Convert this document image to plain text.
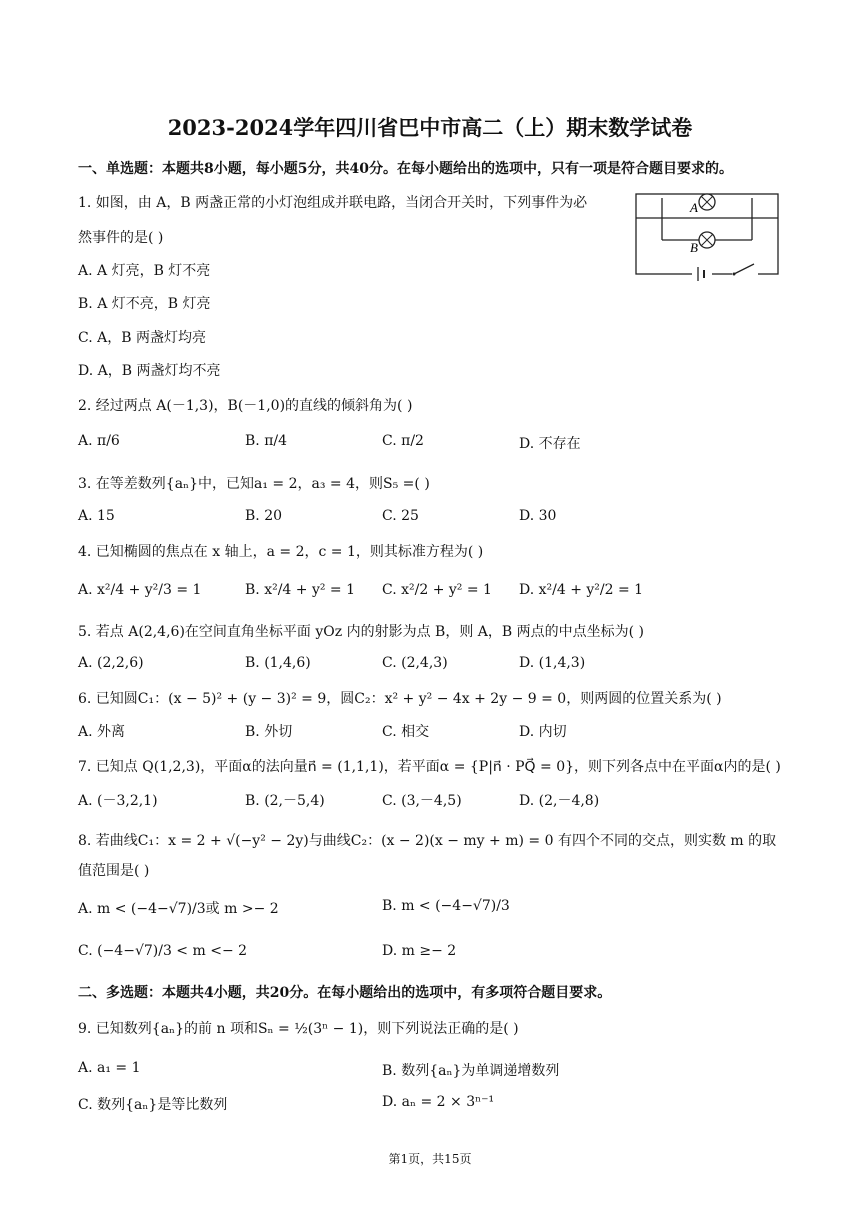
2023-2024学年四川省巴中市高二（上）期末数学试卷
一、单选题：本题共8小题，每小题5分，共40分。在每小题给出的选项中，只有一项是符合题目要求的。
1. 如图，由 A，B 两盏正常的小灯泡组成并联电路，当闭合开关时，下列事件为必
然事件的是( )
A. A 灯亮，B 灯不亮
B. A 灯不亮，B 灯亮
C. A，B 两盏灯均亮
D. A，B 两盏灯均不亮
A
B
2. 经过两点 A(－1,3)，B(－1,0)的直线的倾斜角为( )
A. π/6	B. π/4	C. π/2	D. 不存在
3. 在等差数列{aₙ}中，已知a₁ = 2，a₃ = 4，则S₅ =( )
A. 15	B. 20	C. 25	D. 30
4. 已知椭圆的焦点在 x 轴上，a = 2，c = 1，则其标准方程为( )
A. x²/4 + y²/3 = 1	B. x²/4 + y² = 1 C. x²/2 + y² = 1 D. x²/4 + y²/2 = 1
5. 若点 A(2,4,6)在空间直角坐标平面 yOz 内的射影为点 B，则 A，B 两点的中点坐标为( )
A. (2,2,6)	B. (1,4,6)	C. (2,4,3)	D. (1,4,3)
6. 已知圆C₁：(x − 5)² + (y − 3)² = 9，圆C₂：x² + y² − 4x + 2y − 9 = 0，则两圆的位置关系为( )
A. 外离	B. 外切	C. 相交	D. 内切
7. 已知点 Q(1,2,3)，平面α的法向量n⃗ = (1,1,1)，若平面α = {P|n⃗ · PQ⃗ = 0}，则下列各点中在平面α内的是( )
A. (－3,2,1)	B. (2,－5,4)	C. (3,－4,5)	D. (2,－4,8)
8. 若曲线C₁：x = 2 + √(−y² − 2y)与曲线C₂：(x − 2)(x − my + m) = 0 有四个不同的交点，则实数 m 的取
值范围是( )
A. m < (−4−√7)/3或 m >− 2	B. m < (−4−√7)/3
C. (−4−√7)/3 < m <− 2	D. m ≥− 2
二、多选题：本题共4小题，共20分。在每小题给出的选项中，有多项符合题目要求。
9. 已知数列{aₙ}的前 n 项和Sₙ = ½(3ⁿ − 1)，则下列说法正确的是( )
A. a₁ = 1	B. 数列{aₙ}为单调递增数列
C. 数列{aₙ}是等比数列	D. aₙ = 2 × 3ⁿ⁻¹
第1页，共15页
